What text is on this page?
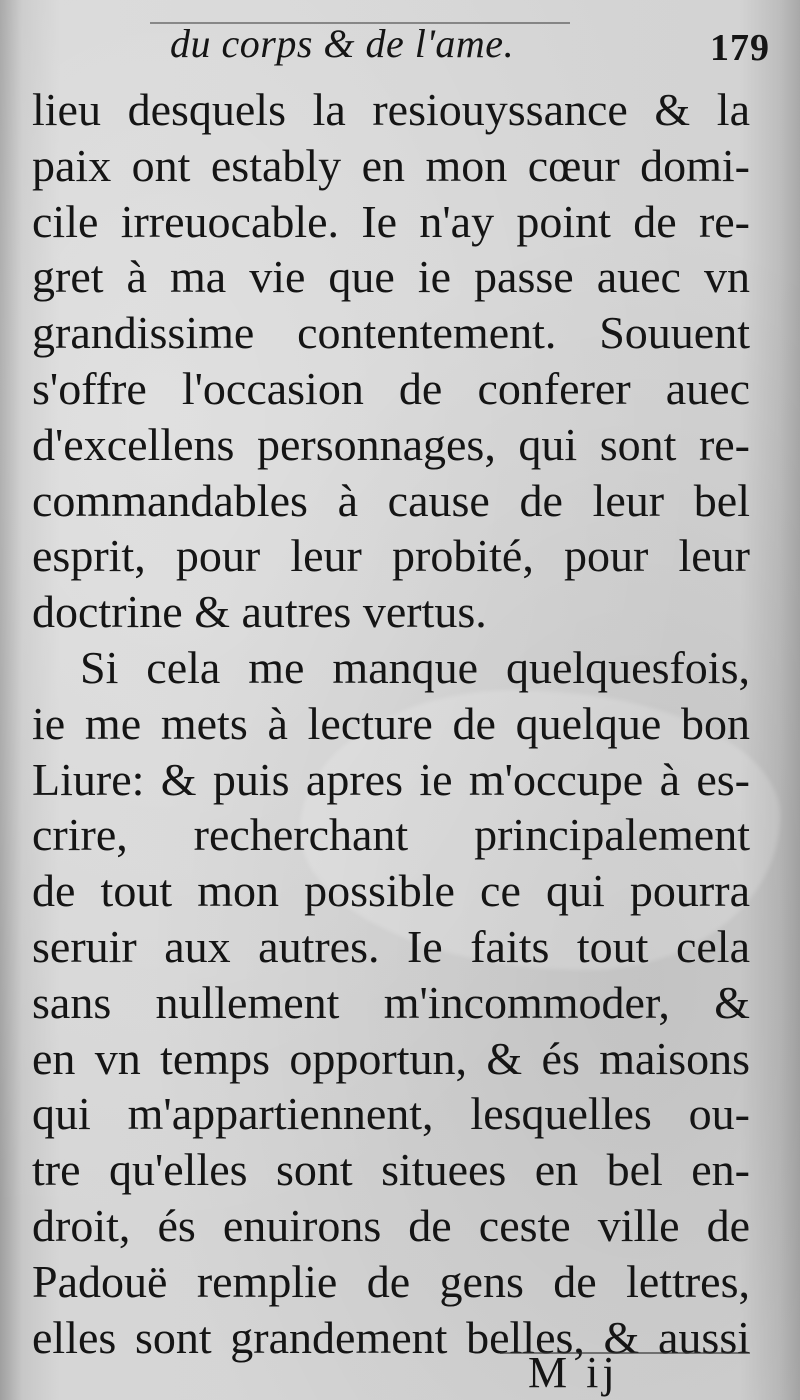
du corps & de l'ame.	179
lieu desquels la resiouyssance & la
paix ont estably en mon cœur domi-
cile irreuocable. Ie n'ay point de re-
gret à ma vie que ie passe auec vn
grandissime contentement. Souuent
s'offre l'occasion de conferer auec
d'excellens personnages, qui sont re-
commandables à cause de leur bel
esprit, pour leur probité, pour leur
doctrine & autres vertus.
Si cela me manque quelquesfois,
ie me mets à lecture de quelque bon
Liure: & puis apres ie m'occupe à es-
crire, recherchant principalement
de tout mon possible ce qui pourra
seruir aux autres. Ie faits tout cela
sans nullement m'incommoder, &
en vn temps opportun, & és maisons
qui m'appartiennent, lesquelles ou-
tre qu'elles sont situees en bel en-
droit, és enuirons de ceste ville de
Padouë remplie de gens de lettres,
elles sont grandement belles, & aussi
M ij
